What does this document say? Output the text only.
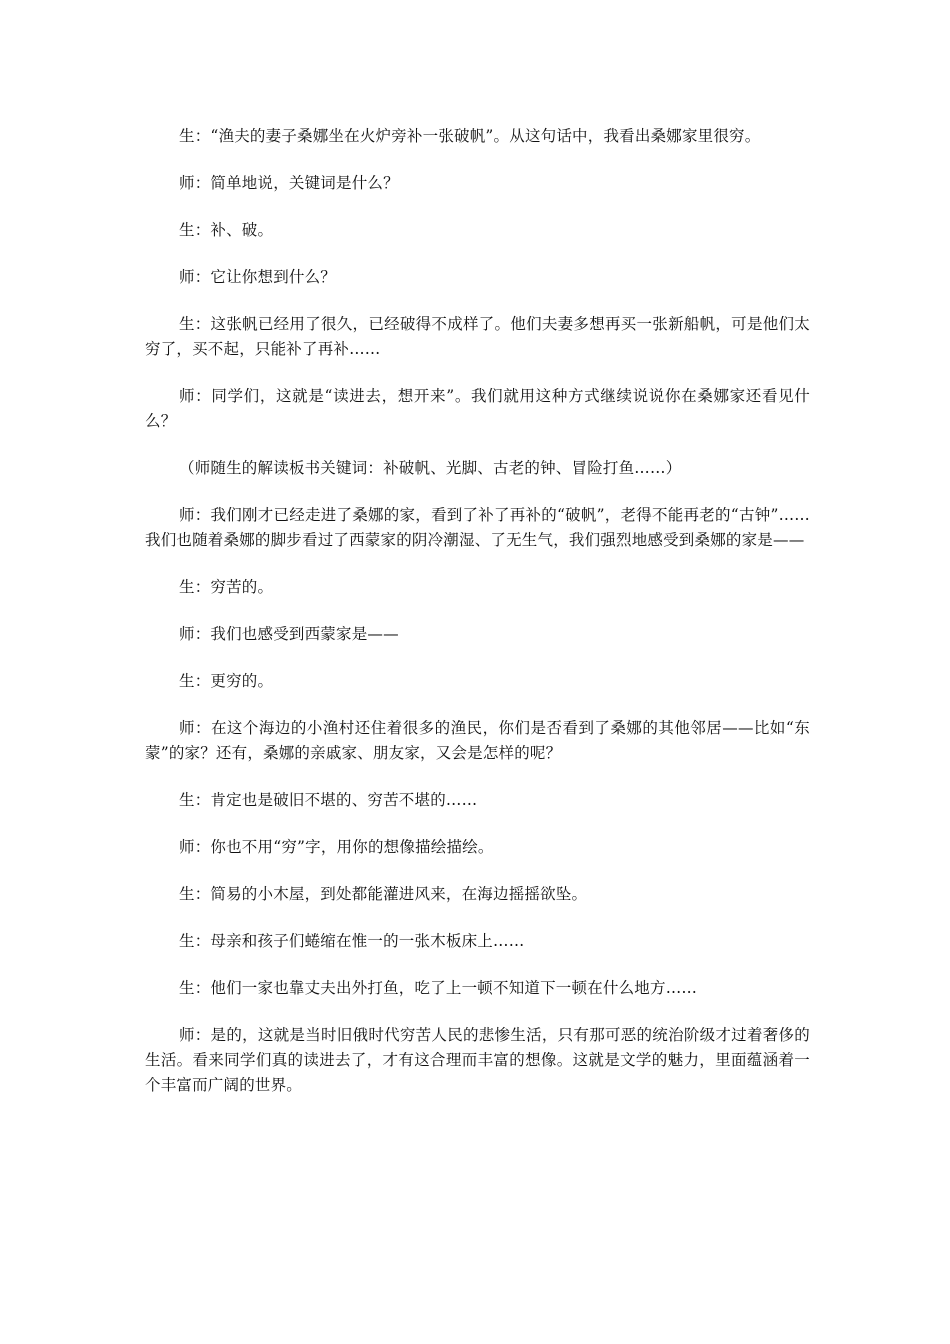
生：“渔夫的妻子桑娜坐在火炉旁补一张破帆”。从这句话中，我看出桑娜家里很穷。

师：简单地说，关键词是什么？

生：补、破。

师：它让你想到什么？

生：这张帆已经用了很久，已经破得不成样了。他们夫妻多想再买一张新船帆，可是他们太穷了，买不起，只能补了再补……

师：同学们，这就是“读进去，想开来”。我们就用这种方式继续说说你在桑娜家还看见什么？

（师随生的解读板书关键词：补破帆、光脚、古老的钟、冒险打鱼……）

师：我们刚才已经走进了桑娜的家，看到了补了再补的“破帆”，老得不能再老的“古钟”……我们也随着桑娜的脚步看过了西蒙家的阴冷潮湿、了无生气，我们强烈地感受到桑娜的家是——

生：穷苦的。

师：我们也感受到西蒙家是——

生：更穷的。

师：在这个海边的小渔村还住着很多的渔民，你们是否看到了桑娜的其他邻居——比如“东蒙”的家？还有，桑娜的亲戚家、朋友家，又会是怎样的呢？

生：肯定也是破旧不堪的、穷苦不堪的……

师：你也不用“穷”字，用你的想像描绘描绘。

生：简易的小木屋，到处都能灌进风来，在海边摇摇欲坠。

生：母亲和孩子们蜷缩在惟一的一张木板床上……

生：他们一家也靠丈夫出外打鱼，吃了上一顿不知道下一顿在什么地方……

师：是的，这就是当时旧俄时代穷苦人民的悲惨生活，只有那可恶的统治阶级才过着奢侈的生活。看来同学们真的读进去了，才有这合理而丰富的想像。这就是文学的魅力，里面蕴涵着一个丰富而广阔的世界。
